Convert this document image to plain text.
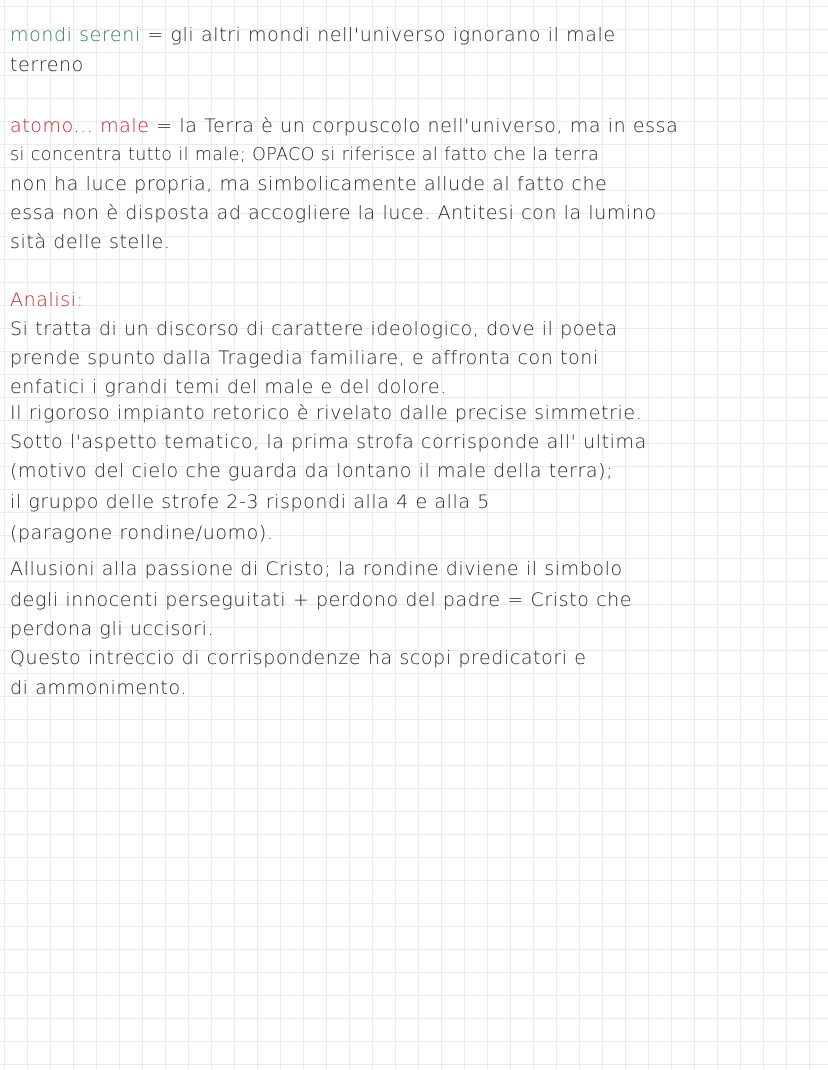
mondi sereni = gli altri mondi nell'universo ignorano il male
terreno
atomo... male = la Terra è un corpuscolo nell'universo, ma in essa
si concentra tutto il male; OPACO si riferisce al fatto che la terra
non ha luce propria, ma simbolicamente allude al fatto che
essa non è disposta ad accogliere la luce. Antitesi con la lumino
sità delle stelle.
Analisi:
Si tratta di un discorso di carattere ideologico, dove il poeta
prende spunto dalla Tragedia familiare, e affronta con toni
enfatici i grandi temi del male e del dolore.
Il rigoroso impianto retorico è rivelato dalle precise simmetrie.
Sotto l'aspetto tematico, la prima strofa corrisponde all' ultima
(motivo del cielo che guarda da lontano il male della terra);
il gruppo delle strofe 2-3 rispondi alla 4 e alla 5
(paragone rondine/uomo).
Allusioni alla passione di Cristo; la rondine diviene il simbolo
degli innocenti perseguitati + perdono del padre = Cristo che
perdona gli uccisori.
Questo intreccio di corrispondenze ha scopi predicatori e
di ammonimento.
